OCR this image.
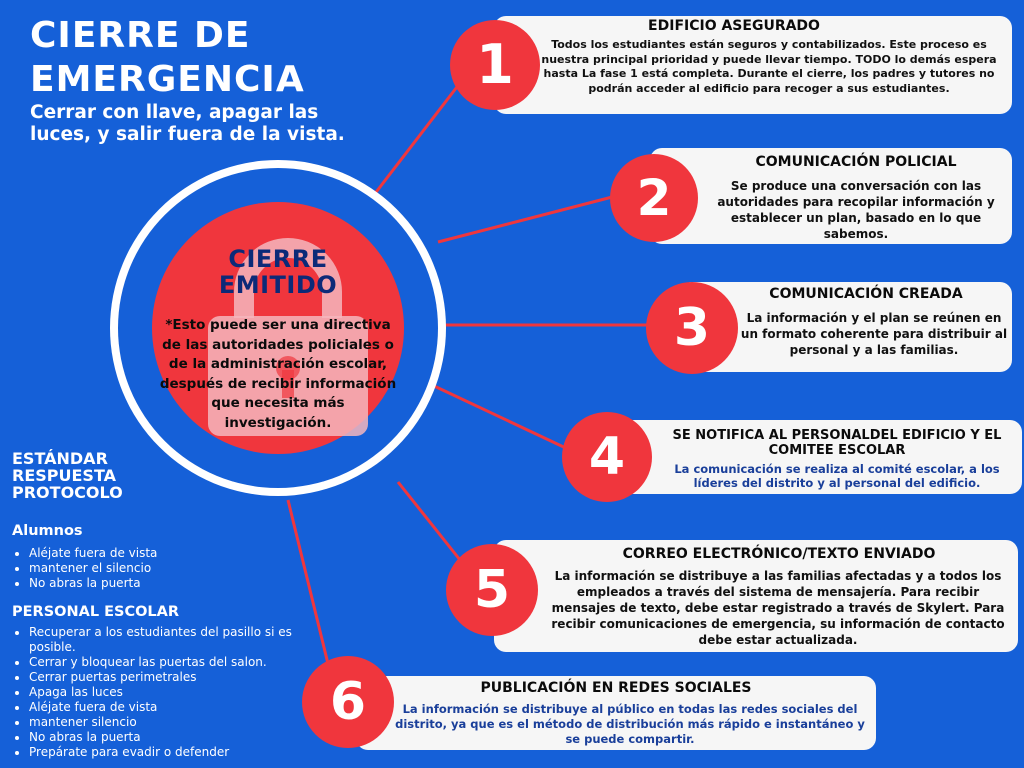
CIERRE DE
EMERGENCIA
Cerrar con llave, apagar las luces, y salir fuera de la vista.
CIERRE
EMITIDO
*Esto puede ser una directiva de las autoridades policiales o de la administración escolar, después de recibir información que necesita más investigación.
EDIFICIO ASEGURADO
Todos los estudiantes están seguros y contabilizados. Este proceso es nuestra principal prioridad y puede llevar tiempo. TODO lo demás espera hasta La fase 1 está completa. Durante el cierre, los padres y tutores no podrán acceder al edificio para recoger a sus estudiantes.
1
COMUNICACIÓN POLICIAL
Se produce una conversación con las autoridades para recopilar información y establecer un plan, basado en lo que sabemos.
2
COMUNICACIÓN CREADA
La información y el plan se reúnen en un formato coherente para distribuir al personal y a las familias.
3
SE NOTIFICA AL PERSONALDEL EDIFICIO Y EL COMITEE ESCOLAR
La comunicación se realiza al comité escolar, a los líderes del distrito y al personal del edificio.
4
CORREO ELECTRÓNICO/TEXTO ENVIADO
La información se distribuye a las familias afectadas y a todos los empleados a través del sistema de mensajería. Para recibir mensajes de texto, debe estar registrado a través de Skylert. Para recibir comunicaciones de emergencia, su información de contacto debe estar actualizada.
5
PUBLICACIÓN EN REDES SOCIALES
La información se distribuye al público en todas las redes sociales del distrito, ya que es el método de distribución más rápido e instantáneo y se puede compartir.
6
ESTÁNDAR
RESPUESTA
PROTOCOLO
Alumnos
• Aléjate fuera de vista
• mantener el silencio
• No abras la puerta
PERSONAL ESCOLAR
• Recuperar a los estudiantes del pasillo si es posible.
• Cerrar y bloquear las puertas del salon.
• Cerrar puertas perimetrales
• Apaga las luces
• Aléjate fuera de vista
• mantener silencio
• No abras la puerta
• Prepárate para evadir o defender
